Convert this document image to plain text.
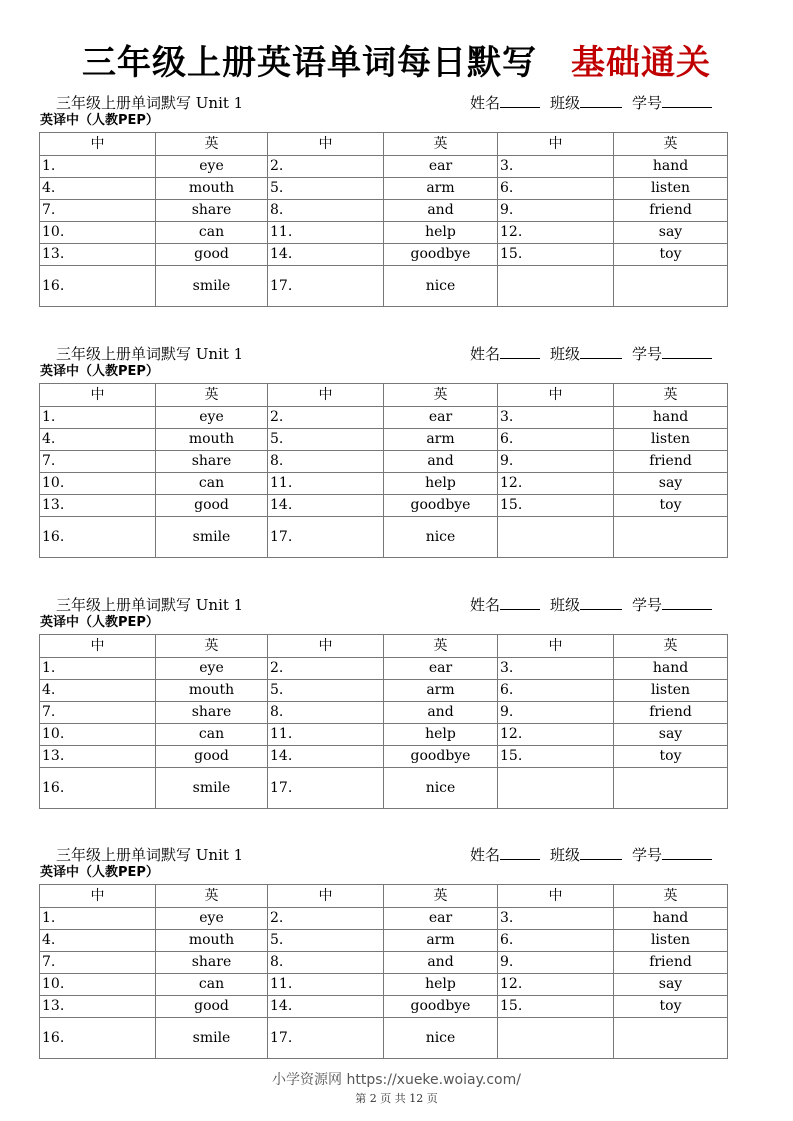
三年级上册英语单词每日默写 基础通关
三年级上册单词默写 Unit 1	姓名	班级	学号
英译中（人教PEP）
中	英	中	英	中	英
1.	eye	2.	ear	3.	hand
4.	mouth	5.	arm	6.	listen
7.	share	8.	and	9.	friend
10.	can	11.	help	12.	say
13.	good	14.	goodbye	15.	toy
16.	smile	17.	nice		
三年级上册单词默写 Unit 1	姓名	班级	学号
英译中（人教PEP）
中	英	中	英	中	英
1.	eye	2.	ear	3.	hand
4.	mouth	5.	arm	6.	listen
7.	share	8.	and	9.	friend
10.	can	11.	help	12.	say
13.	good	14.	goodbye	15.	toy
16.	smile	17.	nice		
三年级上册单词默写 Unit 1	姓名	班级	学号
英译中（人教PEP）
中	英	中	英	中	英
1.	eye	2.	ear	3.	hand
4.	mouth	5.	arm	6.	listen
7.	share	8.	and	9.	friend
10.	can	11.	help	12.	say
13.	good	14.	goodbye	15.	toy
16.	smile	17.	nice		
三年级上册单词默写 Unit 1	姓名	班级	学号
英译中（人教PEP）
中	英	中	英	中	英
1.	eye	2.	ear	3.	hand
4.	mouth	5.	arm	6.	listen
7.	share	8.	and	9.	friend
10.	can	11.	help	12.	say
13.	good	14.	goodbye	15.	toy
16.	smile	17.	nice		
小学资源网 https://xueke.woiay.com/
第 2 页 共 12 页
